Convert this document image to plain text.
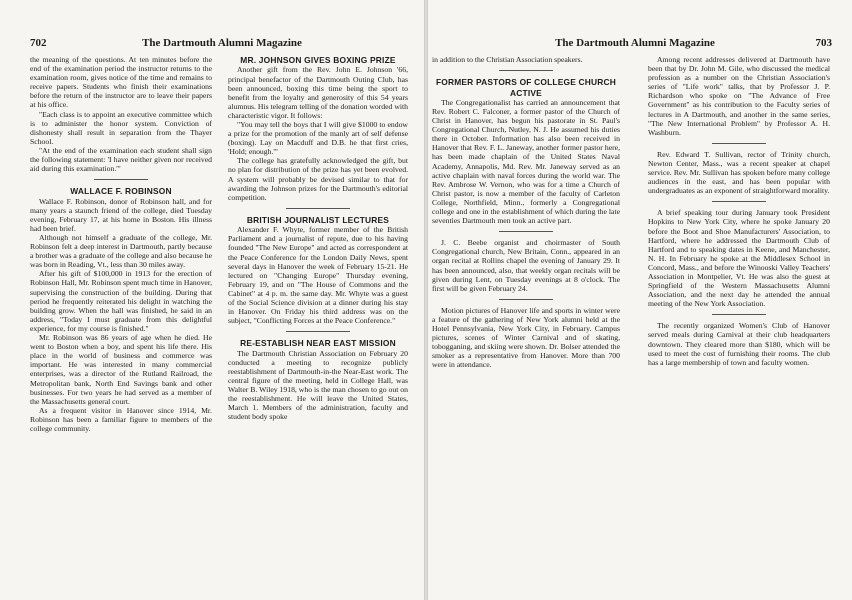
702	The Dartmouth Alumni Magazine

the meaning of the questions. At ten minutes before the end of the examination period the instructor returns to the examination room, gives notice of the time and remains to receive papers. Students who finish their examinations before the return of the instructor are to leave their papers at his office.

"Each class is to appoint an executive committee which is to administer the honor system. Conviction of dishonesty shall result in separation from the Thayer School.

"At the end of the examination each student shall sign the following statement: 'I have neither given nor received aid during this examination.'"

WALLACE F. ROBINSON

Wallace F. Robinson, donor of Robinson hall, and for many years a staunch friend of the college, died Tuesday evening, February 17, at his home in Boston. His illness had been brief.

Although not himself a graduate of the college, Mr. Robinson felt a deep interest in Dartmouth, partly because a brother was a graduate of the college and also because he was born in Reading, Vt., less than 30 miles away.

After his gift of $100,000 in 1913 for the erection of Robinson Hall, Mr. Robinson spent much time in Hanover, supervising the construction of the building. During that period he frequently reiterated his delight in watching the building grow. When the hall was finished, he said in an address, "Today I must graduate from this delightful experience, for my course is finished."

Mr. Robinson was 86 years of age when he died. He went to Boston when a boy, and spent his life there. His place in the world of business and commerce was important. He was interested in many commercial enterprises, was a director of the Rutland Railroad, the Metropolitan bank, North End Savings bank and other businesses. For two years he had served as a member of the Massachusetts general court.

As a frequent visitor in Hanover since 1914, Mr. Robinson has been a familiar figure to members of the college community.

MR. JOHNSON GIVES BOXING PRIZE

Another gift from the Rev. John E. Johnson '66, principal benefactor of the Dartmouth Outing Club, has been announced, boxing this time being the sport to benefit from the loyalty and generosity of this 54 years alumnus. His telegram telling of the donation worded with characteristic vigor. It follows:

"You may tell the boys that I will give $1000 to endow a prize for the promotion of the manly art of self defense (boxing). Lay on Macduff and D.B. he that first cries, 'Hold; enough.'"

The college has gratefully acknowledged the gift, but no plan for distribution of the prize has yet been evolved. A system will probably be devised similar to that for awarding the Johnson prizes for the Dartmouth's editorial competition.

BRITISH JOURNALIST LECTURES

Alexander F. Whyte, former member of the British Parliament and a journalist of repute, due to his having founded "The New Europe" and acted as correspondent at the Peace Conference for the London Daily News, spent several days in Hanover the week of February 15-21. He lectured on "Changing Europe" Thursday evening, February 19, and on "The House of Commons and the Cabinet" at 4 p. m. the same day. Mr. Whyte was a guest of the Social Science division at a dinner during his stay in Hanover. On Friday his third address was on the subject, "Conflicting Forces at the Peace Conference."

RE-ESTABLISH NEAR EAST MISSION

The Dartmouth Christian Association on February 20 conducted a meeting to recognize publicly reestablishment of Dartmouth-in-the Near-East work. The central figure of the meeting, held in College Hall, was Walter B. Wiley 1918, who is the man chosen to go out on the reestablishment. He will leave the United States, March 1. Members of the administration, faculty and student body spoke

The Dartmouth Alumni Magazine	703

in addition to the Christian Association speakers.

FORMER PASTORS OF COLLEGE CHURCH ACTIVE

The Congregationalist has carried an announcement that Rev. Robert C. Falconer, a former pastor of the Church of Christ in Hanover, has begun his pastorate in St. Paul's Congregational Church, Nutley, N. J. He assumed his duties there in October. Information has also been received in Hanover that Rev. F. L. Janeway, another former pastor here, has been made chaplain of the United States Naval Academy, Annapolis, Md. Rev. Mr. Janeway served as an active chaplain with naval forces during the world war. The Rev. Ambrose W. Vernon, who was for a time a Church of Christ pastor, is now a member of the faculty of Carleton College, Northfield, Minn., formerly a Congregational college and one in the establishment of which during the late seventies Dartmouth men took an active part.

J. C. Beebe organist and choirmaster of South Congregational church, New Britain, Conn., appeared in an organ recital at Rollins chapel the evening of January 29. It has been announced, also, that weekly organ recitals will be given during Lent, on Tuesday evenings at 8 o'clock. The first will be given February 24.

Motion pictures of Hanover life and sports in winter were a feature of the gathering of New York alumni held at the Hotel Pennsylvania, New York City, in February. Campus pictures, scenes of Winter Carnival and of skating, tobogganing, and skiing were shown. Dr. Bolser attended the smoker as a representative from Hanover. More than 700 were in attendance.

Among recent addresses delivered at Dartmouth have been that by Dr. John M. Gile, who discussed the medical profession as a number on the Christian Association's series of "Life work" talks, that by Professor J. P. Richardson who spoke on "The Advance of Free Government" as his contribution to the Faculty series of lectures in A Dartmouth, and another in the same series, "The New International Problem" by Professor A. H. Washburn.

Rev. Edward T. Sullivan, rector of Trinity church, Newton Center, Mass., was a recent speaker at chapel service. Rev. Mr. Sullivan has spoken before many college audiences in the east, and has been popular with undergraduates as an exponent of straightforward morality.

A brief speaking tour during January took President Hopkins to New York City, where he spoke January 20 before the Boot and Shoe Manufacturers' Association, to Hartford, where he addressed the Dartmouth Club of Hartford and to speaking dates in Keene, and Manchester, N. H. In February he spoke at the Middlesex School in Concord, Mass., and before the Winooski Valley Teachers' Association in Montpelier, Vt. He was also the guest at Springfield of the Western Massachusetts Alumni Association, and the next day he attended the annual meeting of the New York Association.

The recently organized Women's Club of Hanover served meals during Carnival at their club headquarters downtown. They cleared more than $180, which will be used to meet the cost of furnishing their rooms. The club has a large membership of town and faculty women.
